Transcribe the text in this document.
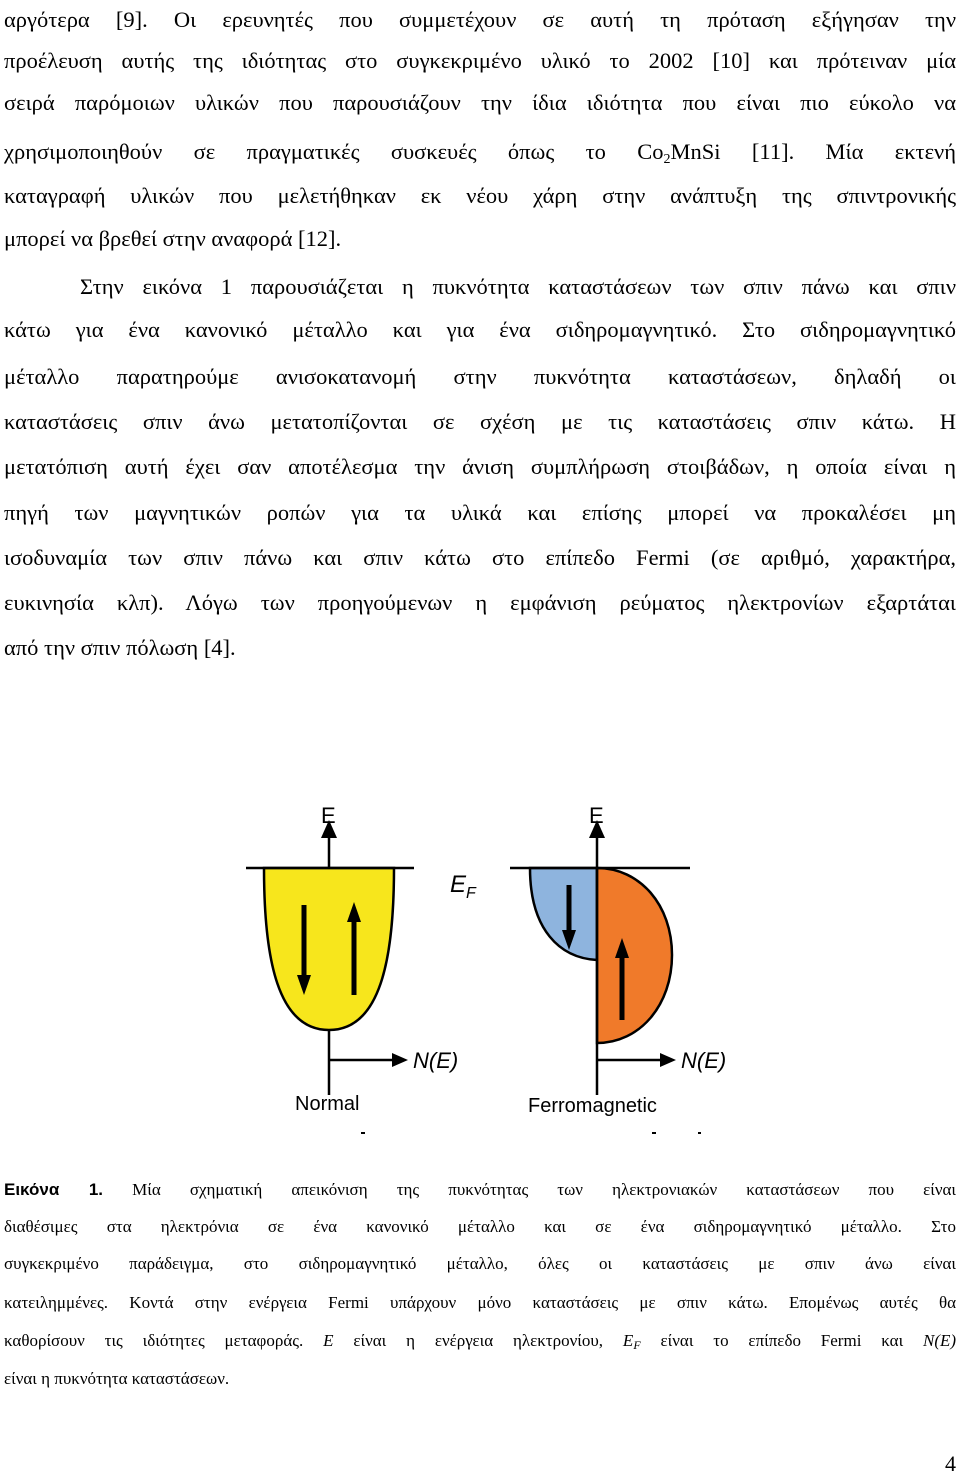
αργότερα [9]. Οι ερευνητές που συμμετέχουν σε αυτή τη πρόταση εξήγησαν την
προέλευση αυτής της ιδιότητας στο συγκεκριμένο υλικό το 2002 [10] και πρότειναν μία
σειρά παρόμοιων υλικών που παρουσιάζουν την ίδια ιδιότητα που είναι πιο εύκολο να
χρησιμοποιηθούν σε πραγματικές συσκευές όπως το $Co_2MnSi$ [11]. Μία εκτενή
καταγραφή υλικών που μελετήθηκαν εκ νέου χάρη στην ανάπτυξη της σπιντρονικής
μπορεί να βρεθεί στην αναφορά [12].
Στην εικόνα 1 παρουσιάζεται η πυκνότητα καταστάσεων των σπιν πάνω και σπιν
κάτω για ένα κανονικό μέταλλο και για ένα σιδηρομαγνητικό. Στο σιδηρομαγνητικό
μέταλλο παρατηρούμε ανισοκατανομή στην πυκνότητα καταστάσεων, δηλαδή οι
καταστάσεις σπιν άνω μετατοπίζονται σε σχέση με τις καταστάσεις σπιν κάτω. Η
μετατόπιση αυτή έχει σαν αποτέλεσμα την άνιση συμπλήρωση στοιβάδων, η οποία είναι η
πηγή των μαγνητικών ροπών για τα υλικά και επίσης μπορεί να προκαλέσει μη
ισοδυναμία των σπιν πάνω και σπιν κάτω στο επίπεδο Fermi (σε αριθμό, χαρακτήρα,
ευκινησία κλπ). Λόγω των προηγούμενων η εμφάνιση ρεύματος ηλεκτρονίων εξαρτάται
από την σπιν πόλωση [4].
E
N(E)
Normal
E
$E_F$
N(E)
Ferromagnetic
Εικόνα 1. Μία σχηματική απεικόνιση της πυκνότητας των ηλεκτρονιακών καταστάσεων που είναι
διαθέσιμες στα ηλεκτρόνια σε ένα κανονικό μέταλλο και σε ένα σιδηρομαγνητικό μέταλλο. Στο
συγκεκριμένο παράδειγμα, στο σιδηρομαγνητικό μέταλλο, όλες οι καταστάσεις με σπιν άνω είναι
κατειλημμένες. Κοντά στην ενέργεια Fermi υπάρχουν μόνο καταστάσεις με σπιν κάτω. Επομένως αυτές θα
καθορίσουν τις ιδιότητες μεταφοράς. E είναι η ενέργεια ηλεκτρονίου, $E_F$ είναι το επίπεδο Fermi και N(E)
είναι η πυκνότητα καταστάσεων.
4
